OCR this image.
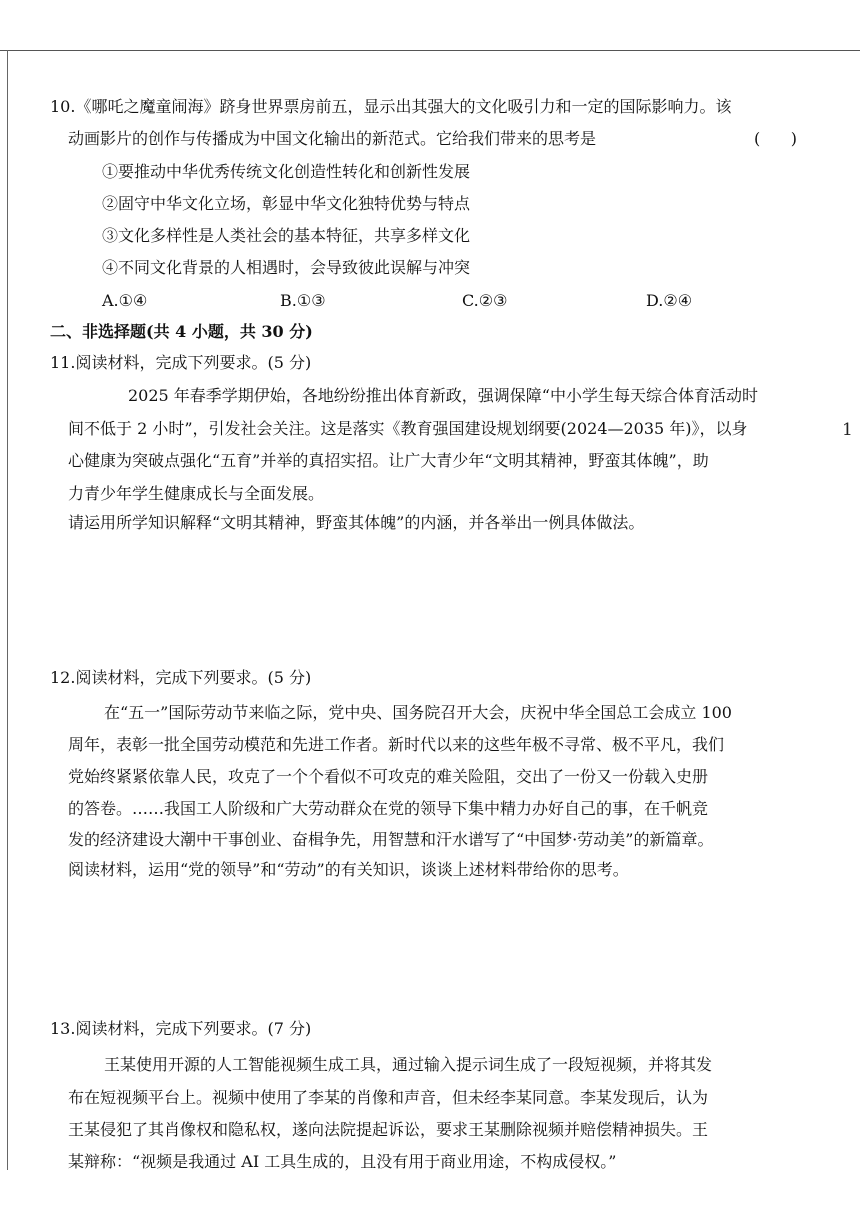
1
10.《哪吒之魔童闹海》跻身世界票房前五，显示出其强大的文化吸引力和一定的国际影响力。该
动画影片的创作与传播成为中国文化输出的新范式。它给我们带来的思考是	(      )
①要推动中华优秀传统文化创造性转化和创新性发展
②固守中华文化立场，彰显中华文化独特优势与特点
③文化多样性是人类社会的基本特征，共享多样文化
④不同文化背景的人相遇时，会导致彼此误解与冲突
A.①④	B.①③	C.②③	D.②④
二、非选择题(共 4 小题，共 30 分)
11.阅读材料，完成下列要求。(5 分)
2025 年春季学期伊始，各地纷纷推出体育新政，强调保障“中小学生每天综合体育活动时
间不低于 2 小时”，引发社会关注。这是落实《教育强国建设规划纲要(2024—2035 年)》，以身
心健康为突破点强化“五育”并举的真招实招。让广大青少年“文明其精神，野蛮其体魄”，助
力青少年学生健康成长与全面发展。
请运用所学知识解释“文明其精神，野蛮其体魄”的内涵，并各举出一例具体做法。
12.阅读材料，完成下列要求。(5 分)
在“五一”国际劳动节来临之际，党中央、国务院召开大会，庆祝中华全国总工会成立 100
周年，表彰一批全国劳动模范和先进工作者。新时代以来的这些年极不寻常、极不平凡，我们
党始终紧紧依靠人民，攻克了一个个看似不可攻克的难关险阻，交出了一份又一份载入史册
的答卷。……我国工人阶级和广大劳动群众在党的领导下集中精力办好自己的事，在千帆竞
发的经济建设大潮中干事创业、奋楫争先，用智慧和汗水谱写了“中国梦·劳动美”的新篇章。
阅读材料，运用“党的领导”和“劳动”的有关知识，谈谈上述材料带给你的思考。
13.阅读材料，完成下列要求。(7 分)
王某使用开源的人工智能视频生成工具，通过输入提示词生成了一段短视频，并将其发
布在短视频平台上。视频中使用了李某的肖像和声音，但未经李某同意。李某发现后，认为
王某侵犯了其肖像权和隐私权，遂向法院提起诉讼，要求王某删除视频并赔偿精神损失。王
某辩称：“视频是我通过 AI 工具生成的，且没有用于商业用途，不构成侵权。”
